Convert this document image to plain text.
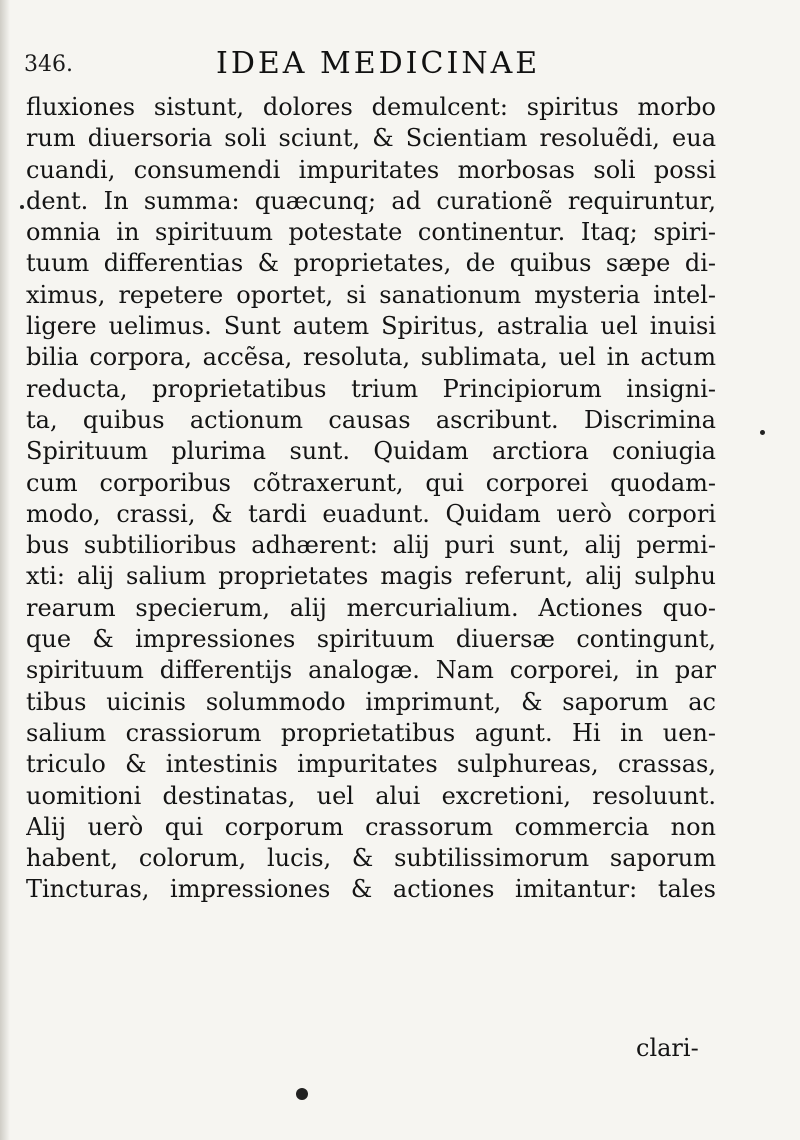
346.	IDEA MEDICINAE
fluxiones sistunt, dolores demulcent: spiritus morbo
rum diuersoria soli sciunt, & Scientiam resoluẽdi, eua
cuandi, consumendi impuritates morbosas soli possi
dent. In summa: quæcunq; ad curationẽ requiruntur,
omnia in spirituum potestate continentur. Itaq; spiri-
tuum differentias & proprietates, de quibus sæpe di-
ximus, repetere oportet, si sanationum mysteria intel-
ligere uelimus. Sunt autem Spiritus, astralia uel inuisi
bilia corpora, accẽsa, resoluta, sublimata, uel in actum
reducta, proprietatibus trium Principiorum insigni-
ta, quibus actionum causas ascribunt. Discrimina
Spirituum plurima sunt. Quidam arctiora coniugia
cum corporibus cõtraxerunt, qui corporei quodam-
modo, crassi, & tardi euadunt. Quidam uerò corpori
bus subtilioribus adhærent: alij puri sunt, alij permi-
xti: alij salium proprietates magis referunt, alij sulphu
rearum specierum, alij mercurialium. Actiones quo-
que & impressiones spirituum diuersæ contingunt,
spirituum differentijs analogæ. Nam corporei, in par
tibus uicinis solummodo imprimunt, & saporum ac
salium crassiorum proprietatibus agunt. Hi in uen-
triculo & intestinis impuritates sulphureas, crassas,
uomitioni destinatas, uel alui excretioni, resoluunt.
Alij uerò qui corporum crassorum commercia non
habent, colorum, lucis, & subtilissimorum saporum
Tincturas, impressiones & actiones imitantur: tales
clari-
